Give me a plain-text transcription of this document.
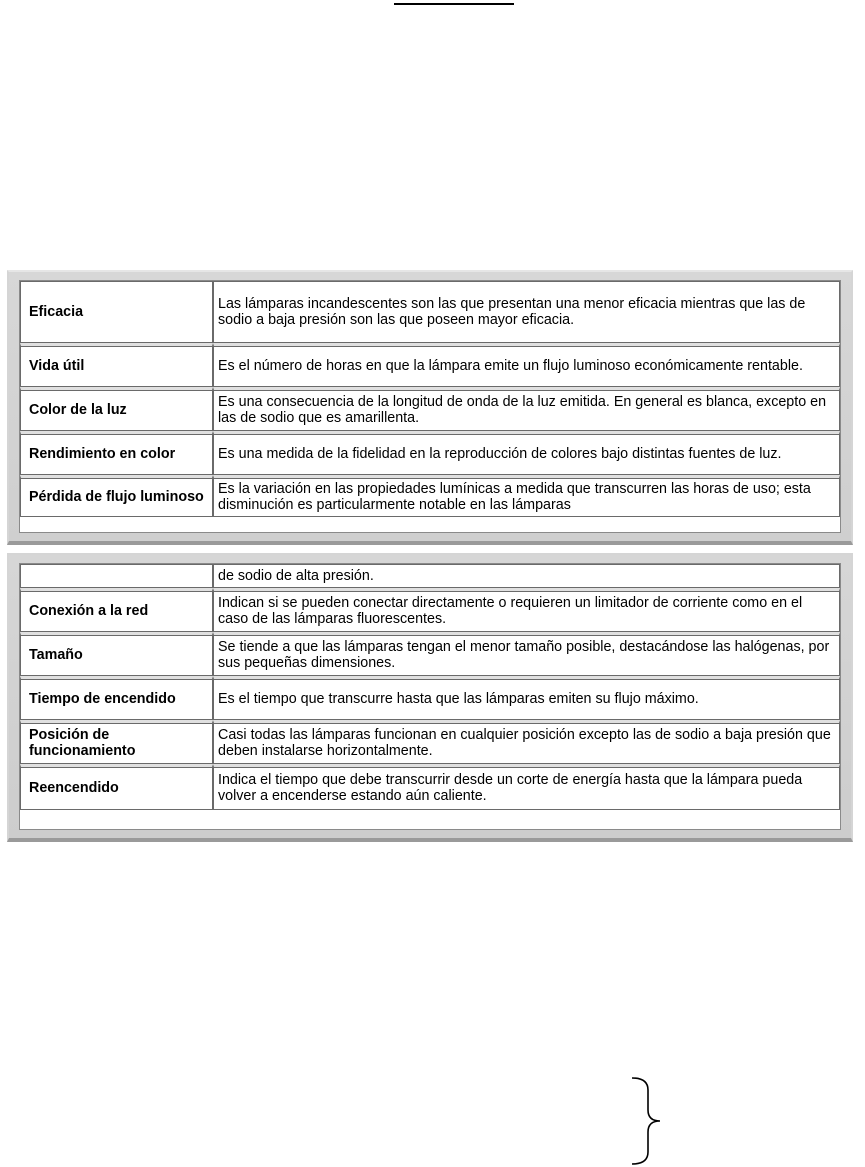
Eficacia	Las lámparas incandescentes son las que presentan una menor eficacia mientras que las de sodio a baja presión son las que poseen mayor eficacia.
Vida útil	Es el número de horas en que la lámpara emite un flujo luminoso económicamente rentable.
Color de la luz	Es una consecuencia de la longitud de onda de la luz emitida. En general es blanca, excepto en las de sodio que es amarillenta.
Rendimiento en color	Es una medida de la fidelidad en la reproducción de colores bajo distintas fuentes de luz.
Pérdida de flujo luminoso	Es la variación en las propiedades lumínicas a medida que transcurren las horas de uso; esta disminución es particularmente notable en las lámparas
	de sodio de alta presión.
Conexión a la red	Indican si se pueden conectar directamente o requieren un limitador de corriente como en el caso de las lámparas fluorescentes.
Tamaño	Se tiende a que las lámparas tengan el menor tamaño posible, destacándose las halógenas, por sus pequeñas dimensiones.
Tiempo de encendido	Es el tiempo que transcurre hasta que las lámparas emiten su flujo máximo.
Posición de funcionamiento	Casi todas las lámparas funcionan en cualquier posición excepto las de sodio a baja presión que deben instalarse horizontalmente.
Reencendido	Indica el tiempo que debe transcurrir desde un corte de energía hasta que la lámpara pueda volver a encenderse estando aún caliente.
